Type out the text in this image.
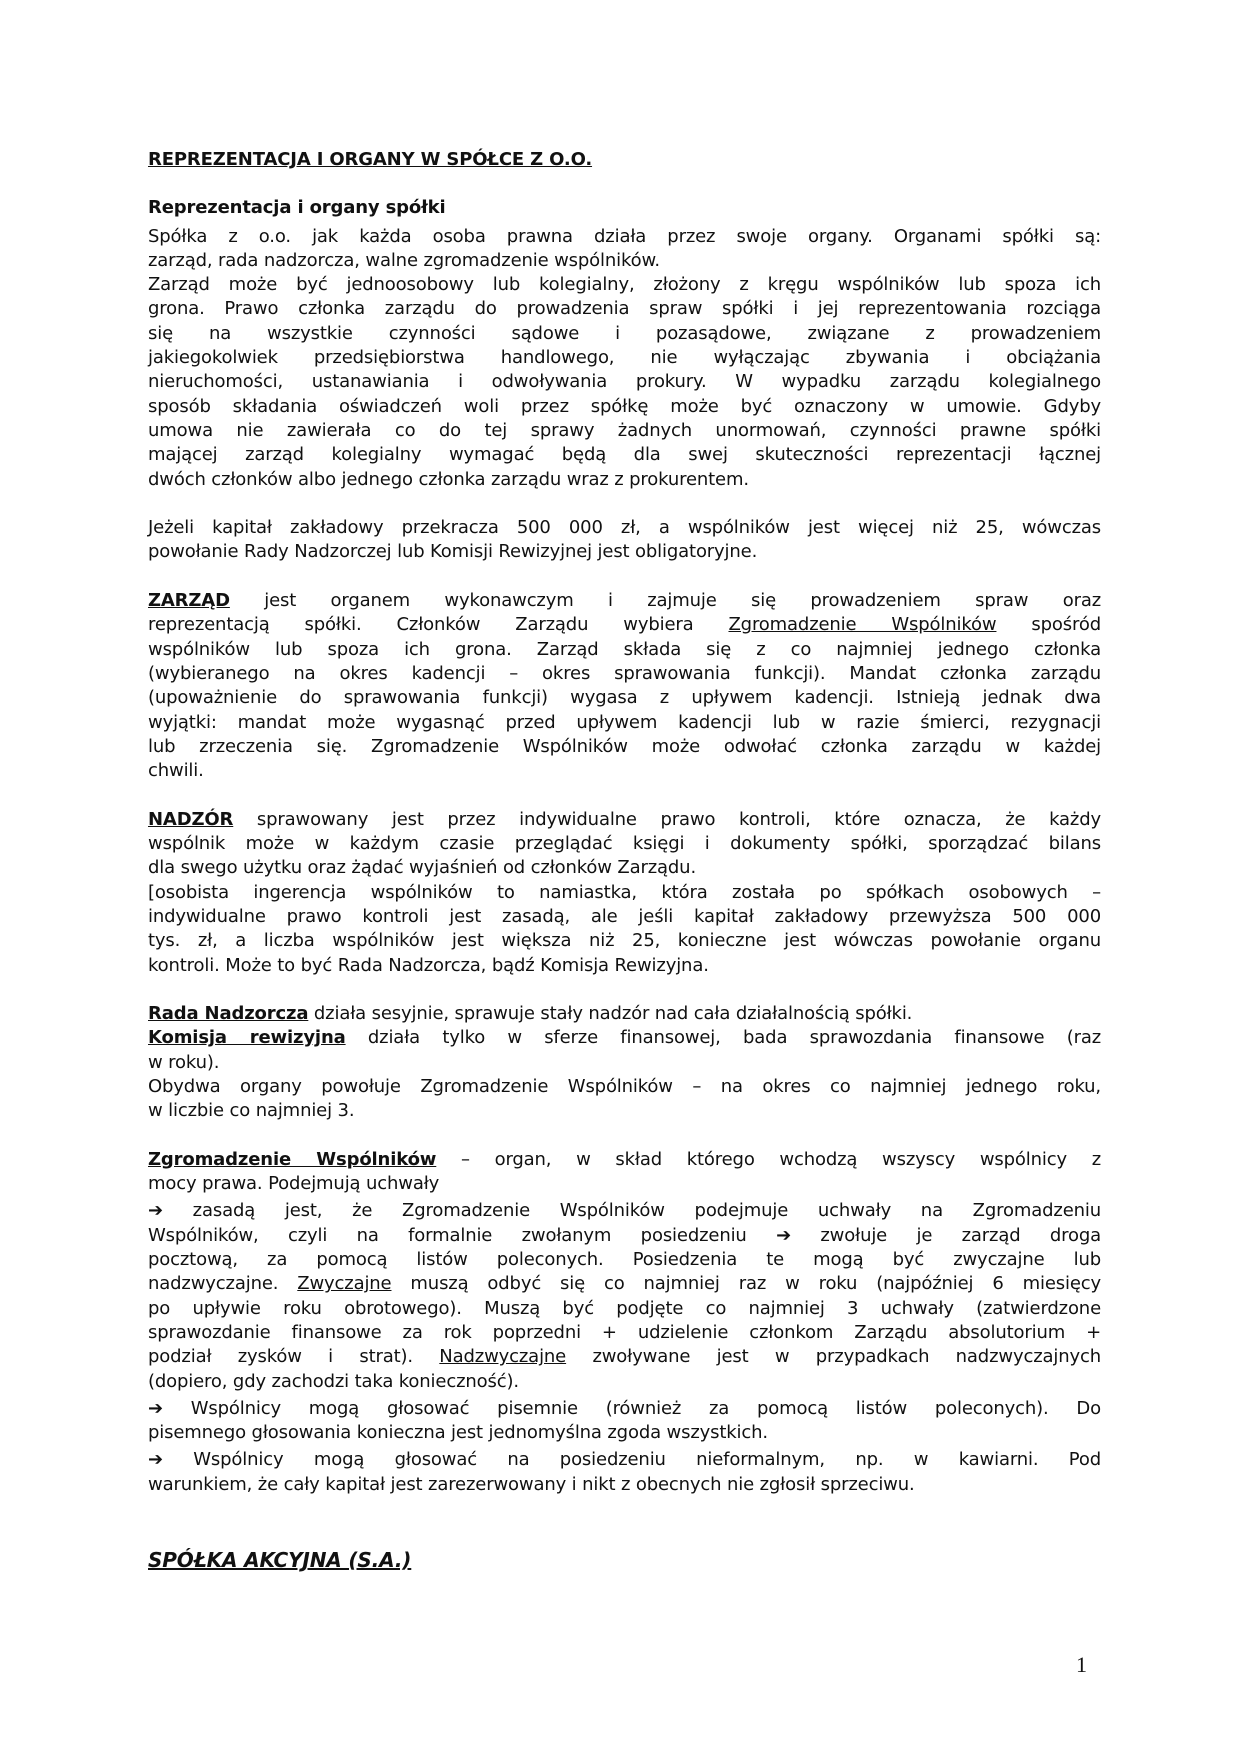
REPREZENTACJA I ORGANY W SPÓŁCE Z O.O.
Reprezentacja i organy spółki
Spółka z o.o. jak każda osoba prawna działa przez swoje organy. Organami spółki są:
zarząd, rada nadzorcza, walne zgromadzenie wspólników.
Zarząd może być jednoosobowy lub kolegialny, złożony z kręgu wspólników lub spoza ich
grona. Prawo członka zarządu do prowadzenia spraw spółki i jej reprezentowania rozciąga
się na wszystkie czynności sądowe i pozasądowe, związane z prowadzeniem
jakiegokolwiek przedsiębiorstwa handlowego, nie wyłączając zbywania i obciążania
nieruchomości, ustanawiania i odwoływania prokury. W wypadku zarządu kolegialnego
sposób składania oświadczeń woli przez spółkę może być oznaczony w umowie. Gdyby
umowa nie zawierała co do tej sprawy żadnych unormowań, czynności prawne spółki
mającej zarząd kolegialny wymagać będą dla swej skuteczności reprezentacji łącznej
dwóch członków albo jednego członka zarządu wraz z prokurentem.
Jeżeli kapitał zakładowy przekracza 500 000 zł, a wspólników jest więcej niż 25, wówczas
powołanie Rady Nadzorczej lub Komisji Rewizyjnej jest obligatoryjne.
ZARZĄD jest organem wykonawczym i zajmuje się prowadzeniem spraw oraz
reprezentacją spółki. Członków Zarządu wybiera Zgromadzenie Wspólników spośród
wspólników lub spoza ich grona. Zarząd składa się z co najmniej jednego członka
(wybieranego na okres kadencji – okres sprawowania funkcji). Mandat członka zarządu
(upoważnienie do sprawowania funkcji) wygasa z upływem kadencji. Istnieją jednak dwa
wyjątki: mandat może wygasnąć przed upływem kadencji lub w razie śmierci, rezygnacji
lub zrzeczenia się. Zgromadzenie Wspólników może odwołać członka zarządu w każdej
chwili.
NADZÓR sprawowany jest przez indywidualne prawo kontroli, które oznacza, że każdy
wspólnik może w każdym czasie przeglądać księgi i dokumenty spółki, sporządzać bilans
dla swego użytku oraz żądać wyjaśnień od członków Zarządu.
[osobista ingerencja wspólników to namiastka, która została po spółkach osobowych –
indywidualne prawo kontroli jest zasadą, ale jeśli kapitał zakładowy przewyższa 500 000
tys. zł, a liczba wspólników jest większa niż 25, konieczne jest wówczas powołanie organu
kontroli. Może to być Rada Nadzorcza, bądź Komisja Rewizyjna.
Rada Nadzorcza działa sesyjnie, sprawuje stały nadzór nad cała działalnością spółki.
Komisja rewizyjna działa tylko w sferze finansowej, bada sprawozdania finansowe (raz
w roku).
Obydwa organy powołuje Zgromadzenie Wspólników – na okres co najmniej jednego roku,
w liczbie co najmniej 3.
Zgromadzenie Wspólników – organ, w skład którego wchodzą wszyscy wspólnicy z
mocy prawa. Podejmują uchwały
➔ zasadą jest, że Zgromadzenie Wspólników podejmuje uchwały na Zgromadzeniu
Wspólników, czyli na formalnie zwołanym posiedzeniu ➔ zwołuje je zarząd droga
pocztową, za pomocą listów poleconych. Posiedzenia te mogą być zwyczajne lub
nadzwyczajne. Zwyczajne muszą odbyć się co najmniej raz w roku (najpóźniej 6 miesięcy
po upływie roku obrotowego). Muszą być podjęte co najmniej 3 uchwały (zatwierdzone
sprawozdanie finansowe za rok poprzedni + udzielenie członkom Zarządu absolutorium +
podział zysków i strat). Nadzwyczajne zwoływane jest w przypadkach nadzwyczajnych
(dopiero, gdy zachodzi taka konieczność).
➔ Wspólnicy mogą głosować pisemnie (również za pomocą listów poleconych). Do
pisemnego głosowania konieczna jest jednomyślna zgoda wszystkich.
➔ Wspólnicy mogą głosować na posiedzeniu nieformalnym, np. w kawiarni. Pod
warunkiem, że cały kapitał jest zarezerwowany i nikt z obecnych nie zgłosił sprzeciwu.
SPÓŁKA AKCYJNA (S.A.)
1
